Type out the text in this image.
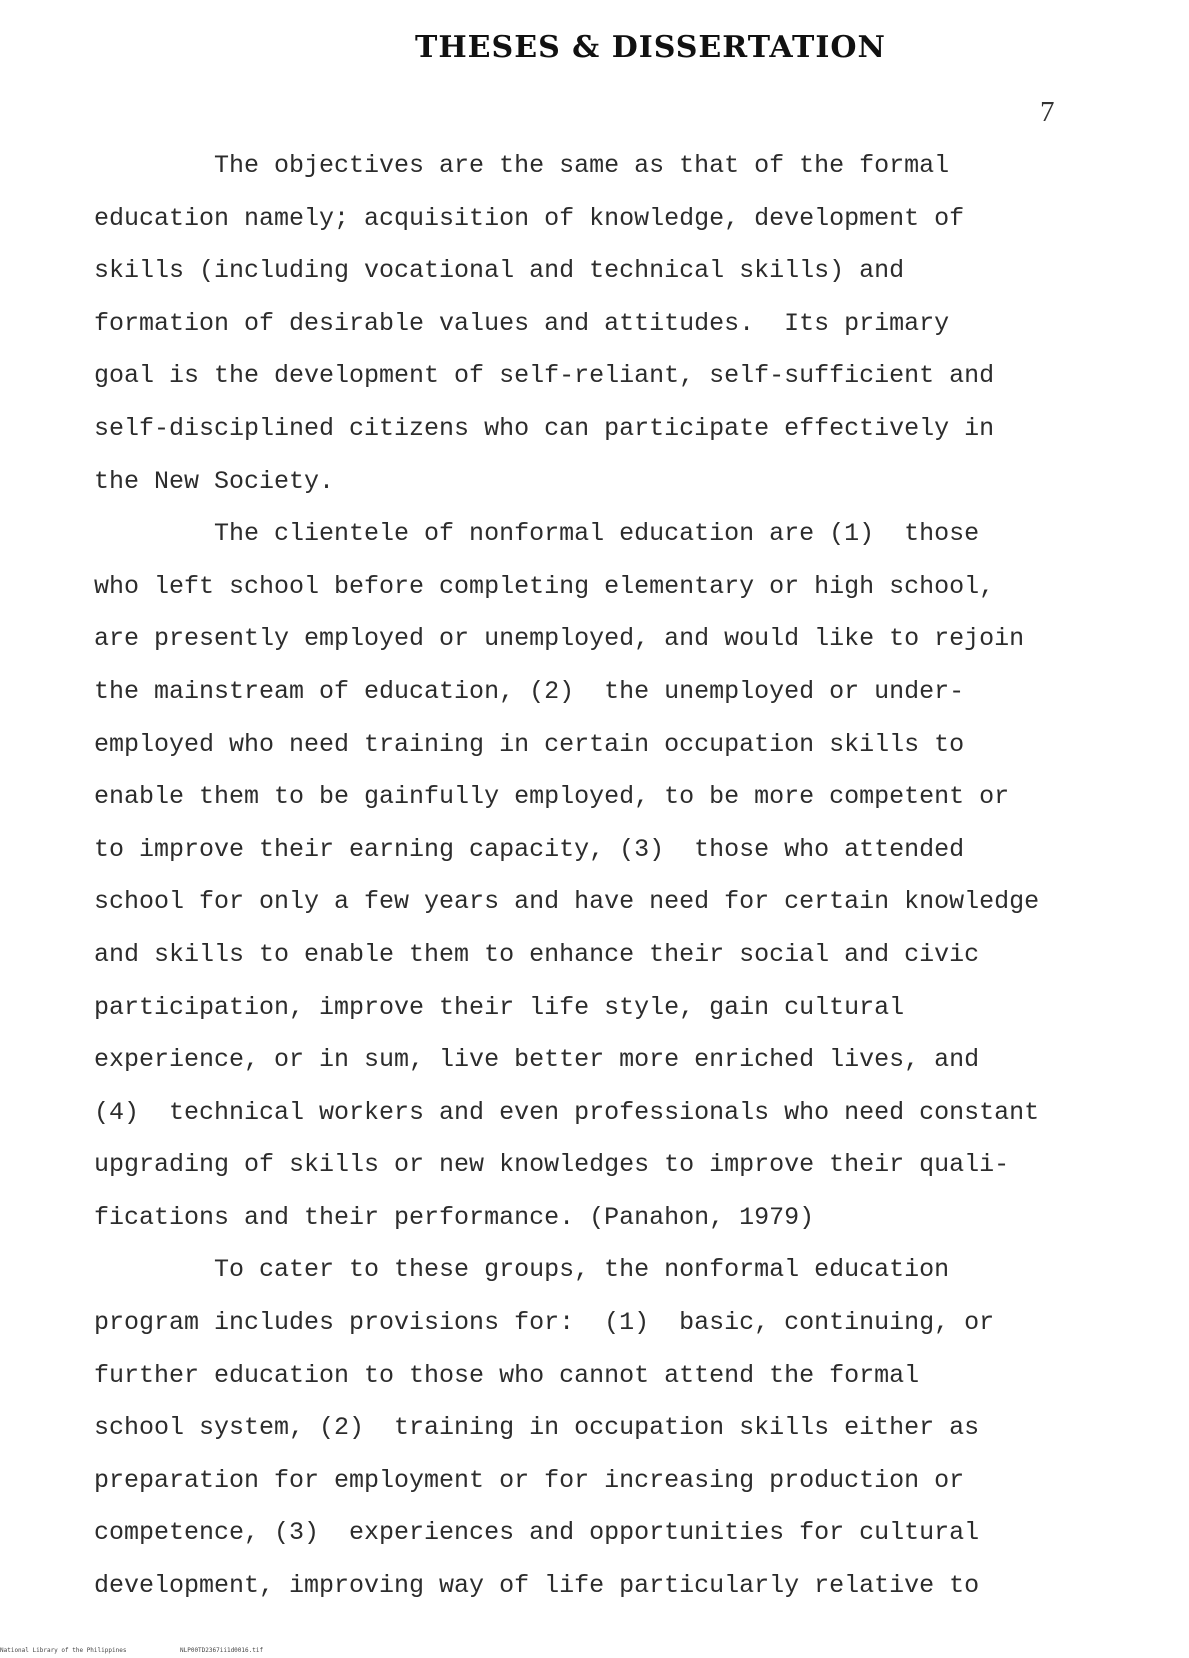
THESES & DISSERTATION
7
The objectives are the same as that of the formal
education namely; acquisition of knowledge, development of
skills (including vocational and technical skills) and
formation of desirable values and attitudes.  Its primary
goal is the development of self-reliant, self-sufficient and
self-disciplined citizens who can participate effectively in
the New Society.
The clientele of nonformal education are (1)  those
who left school before completing elementary or high school,
are presently employed or unemployed, and would like to rejoin
the mainstream of education, (2)  the unemployed or under-
employed who need training in certain occupation skills to
enable them to be gainfully employed, to be more competent or
to improve their earning capacity, (3)  those who attended
school for only a few years and have need for certain knowledge
and skills to enable them to enhance their social and civic
participation, improve their life style, gain cultural
experience, or in sum, live better more enriched lives, and
(4)  technical workers and even professionals who need constant
upgrading of skills or new knowledges to improve their quali-
fications and their performance. (Panahon, 1979)
To cater to these groups, the nonformal education
program includes provisions for:  (1)  basic, continuing, or
further education to those who cannot attend the formal
school system, (2)  training in occupation skills either as
preparation for employment or for increasing production or
competence, (3)  experiences and opportunities for cultural
development, improving way of life particularly relative to
National Library of the Philippines	NLP00TD2367ii1d0016.tif
